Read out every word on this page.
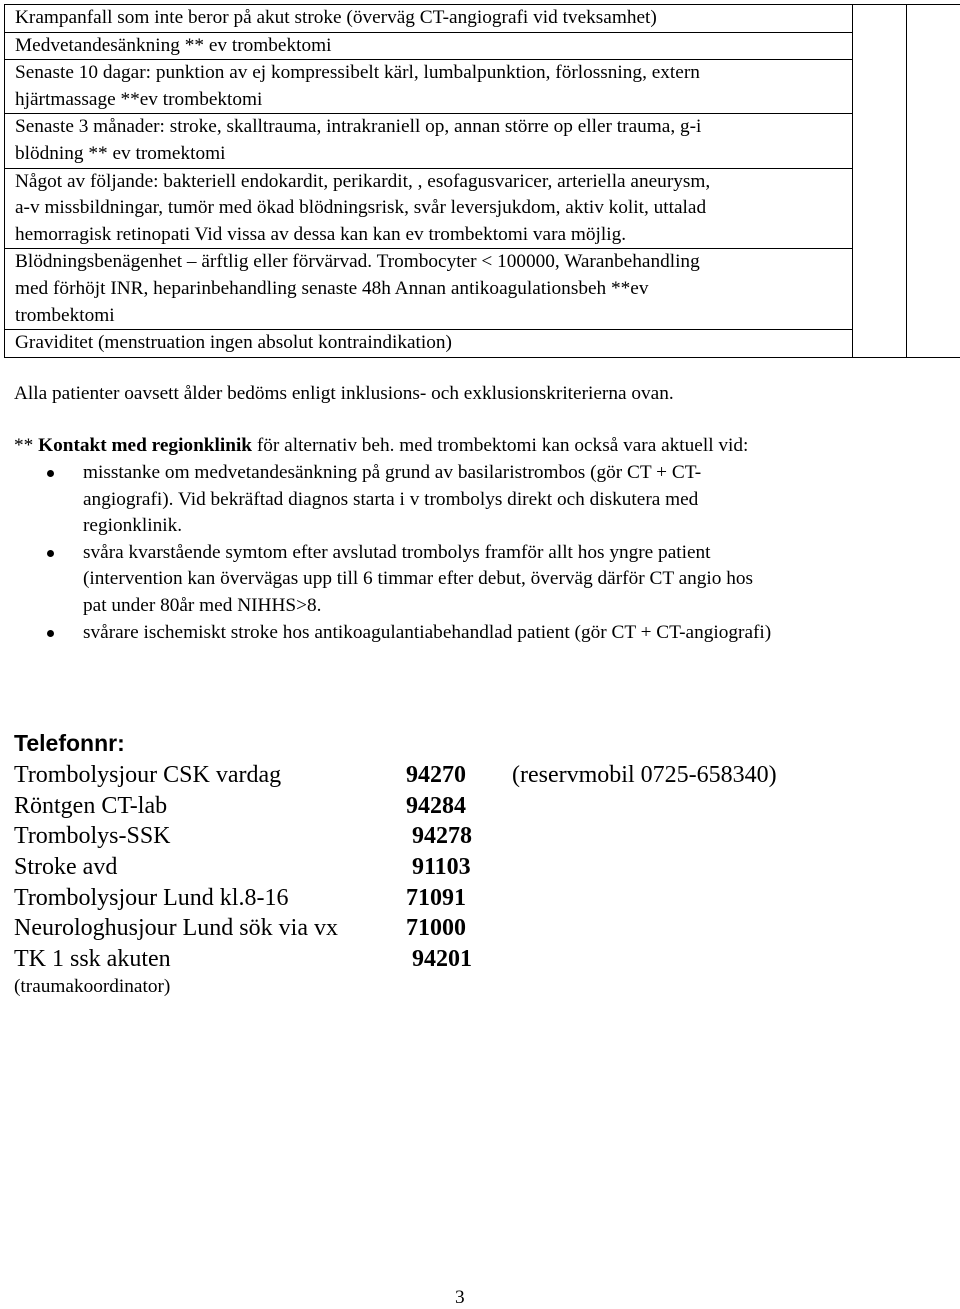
Krampanfall som inte beror på akut stroke (överväg CT-angiografi vid tveksamhet)

Medvetandesänkning ** ev trombektomi

Senaste 10 dagar: punktion av ej kompressibelt kärl, lumbalpunktion, förlossning, extern
hjärtmassage **ev trombektomi

Senaste 3 månader: stroke, skalltrauma, intrakraniell op, annan större op eller trauma, g-i
blödning ** ev tromektomi

Något av följande: bakteriell endokardit, perikardit, , esofagusvaricer, arteriella aneurysm,
a-v missbildningar, tumör med ökad blödningsrisk, svår leversjukdom, aktiv kolit, uttalad
hemorragisk retinopati Vid vissa av dessa kan kan ev trombektomi vara möjlig.

Blödningsbenägenhet – ärftlig eller förvärvad. Trombocyter < 100000, Waranbehandling
med förhöjt INR, heparinbehandling senaste 48h Annan antikoagulationsbeh **ev
trombektomi

Graviditet (menstruation ingen absolut kontraindikation)

Alla patienter oavsett ålder bedöms enligt inklusions- och exklusionskriterierna ovan.

** Kontakt med regionklinik för alternativ beh. med trombektomi kan också vara aktuell vid:

misstanke om medvetandesänkning på grund av basilaristrombos (gör CT + CT-
angiografi). Vid bekräftad diagnos starta i v trombolys direkt och diskutera med
regionklinik.
svåra kvarstående symtom efter avslutad trombolys framför allt hos yngre patient
(intervention kan övervägas upp till 6 timmar efter debut, överväg därför CT angio hos
pat under 80år med NIHHS>8.
svårare ischemiskt stroke hos antikoagulantiabehandlad patient (gör CT + CT-angiografi)
Telefonnr:
Trombolysjour CSK vardag	94270 (reservmobil 0725-658340)
Röntgen CT-lab	94284
Trombolys-SSK	94278
Stroke avd	91103
Trombolysjour Lund kl.8-16	71091
Neurologhusjour Lund sök via vx	71000
TK 1 ssk akuten	94201
(traumakoordinator)
3
